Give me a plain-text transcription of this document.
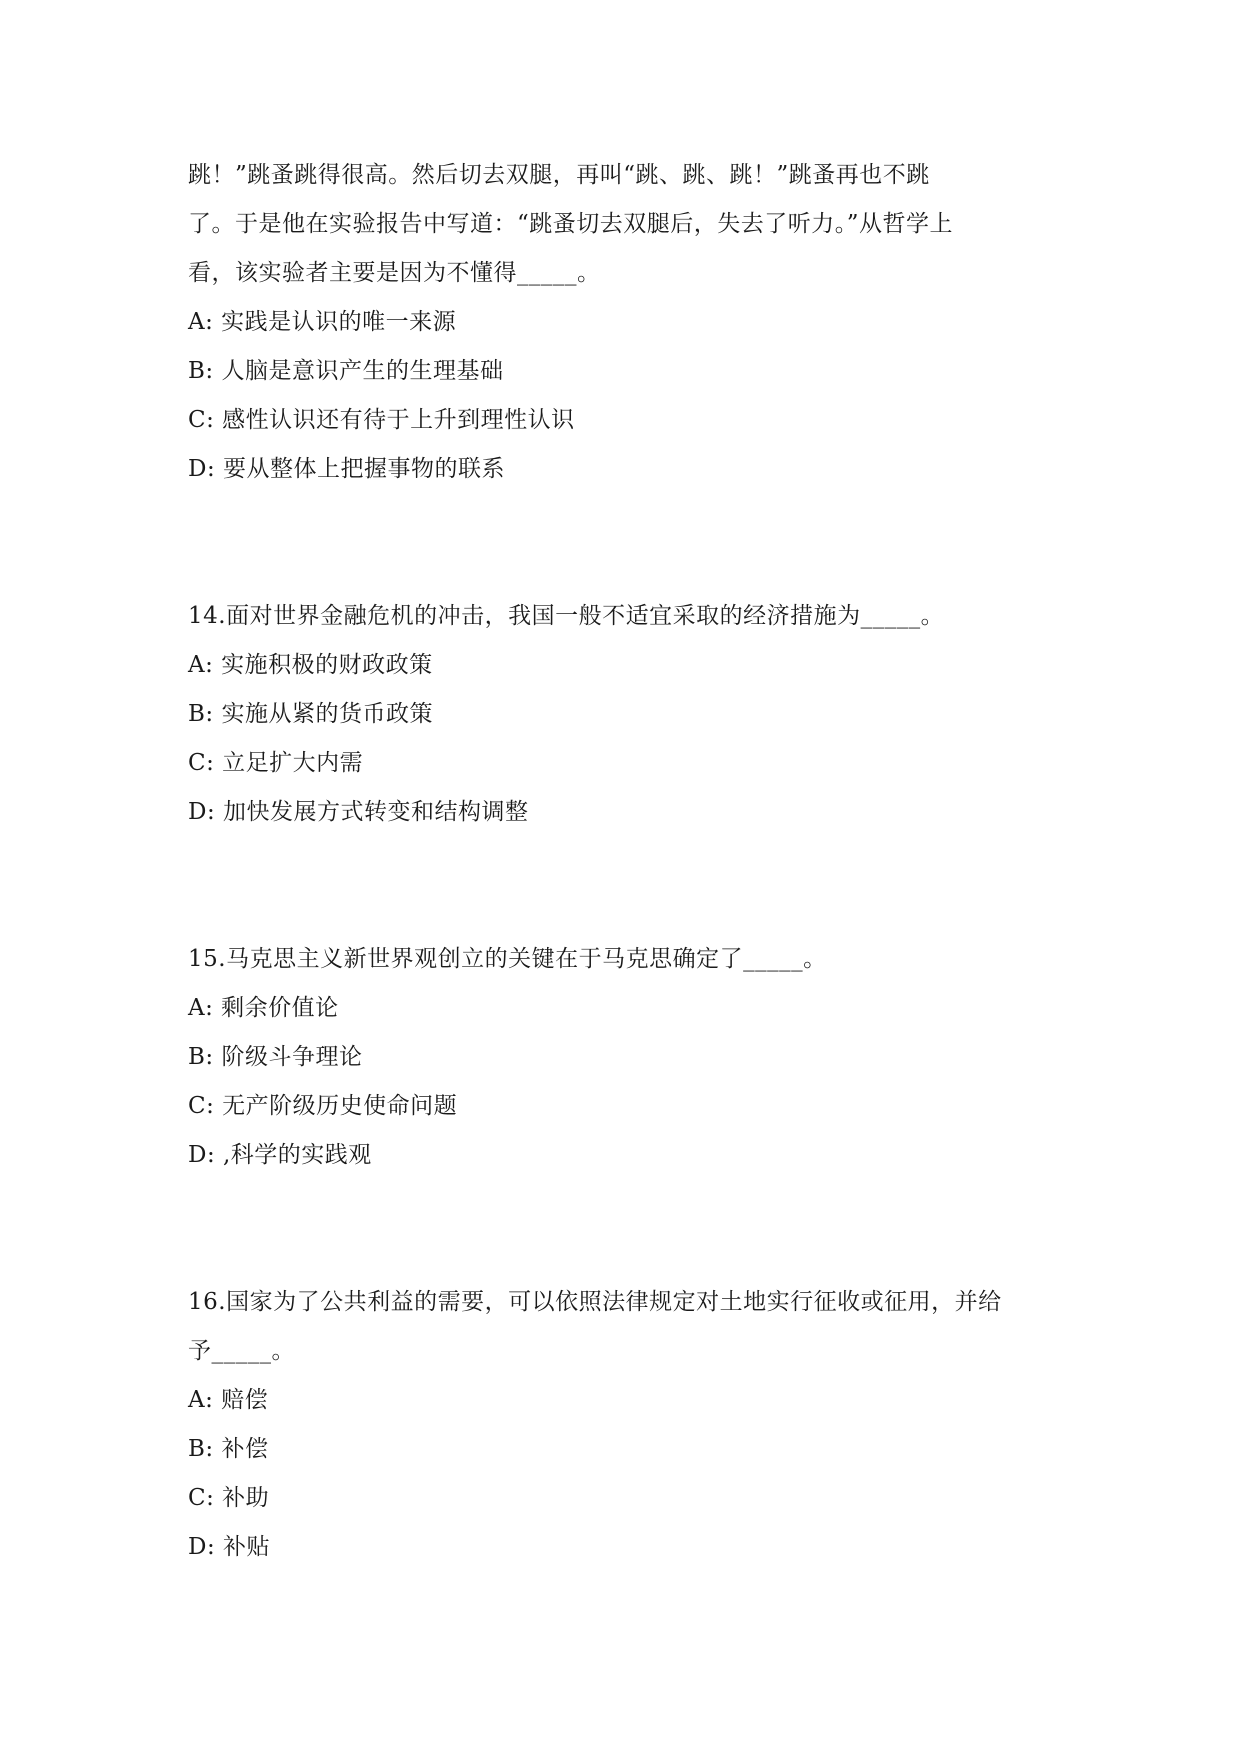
跳！”跳蚤跳得很高。然后切去双腿，再叫“跳、跳、跳！”跳蚤再也不跳
了。于是他在实验报告中写道：“跳蚤切去双腿后，失去了听力。”从哲学上
看，该实验者主要是因为不懂得_____。
A: 实践是认识的唯一来源
B: 人脑是意识产生的生理基础
C: 感性认识还有待于上升到理性认识
D: 要从整体上把握事物的联系
14.面对世界金融危机的冲击，我国一般不适宜采取的经济措施为_____。
A: 实施积极的财政政策
B: 实施从紧的货币政策
C: 立足扩大内需
D: 加快发展方式转变和结构调整
15.马克思主义新世界观创立的关键在于马克思确定了_____。
A: 剩余价值论
B: 阶级斗争理论
C: 无产阶级历史使命问题
D: ,科学的实践观
16.国家为了公共利益的需要，可以依照法律规定对土地实行征收或征用，并给
予_____。
A: 赔偿
B: 补偿
C: 补助
D: 补贴
